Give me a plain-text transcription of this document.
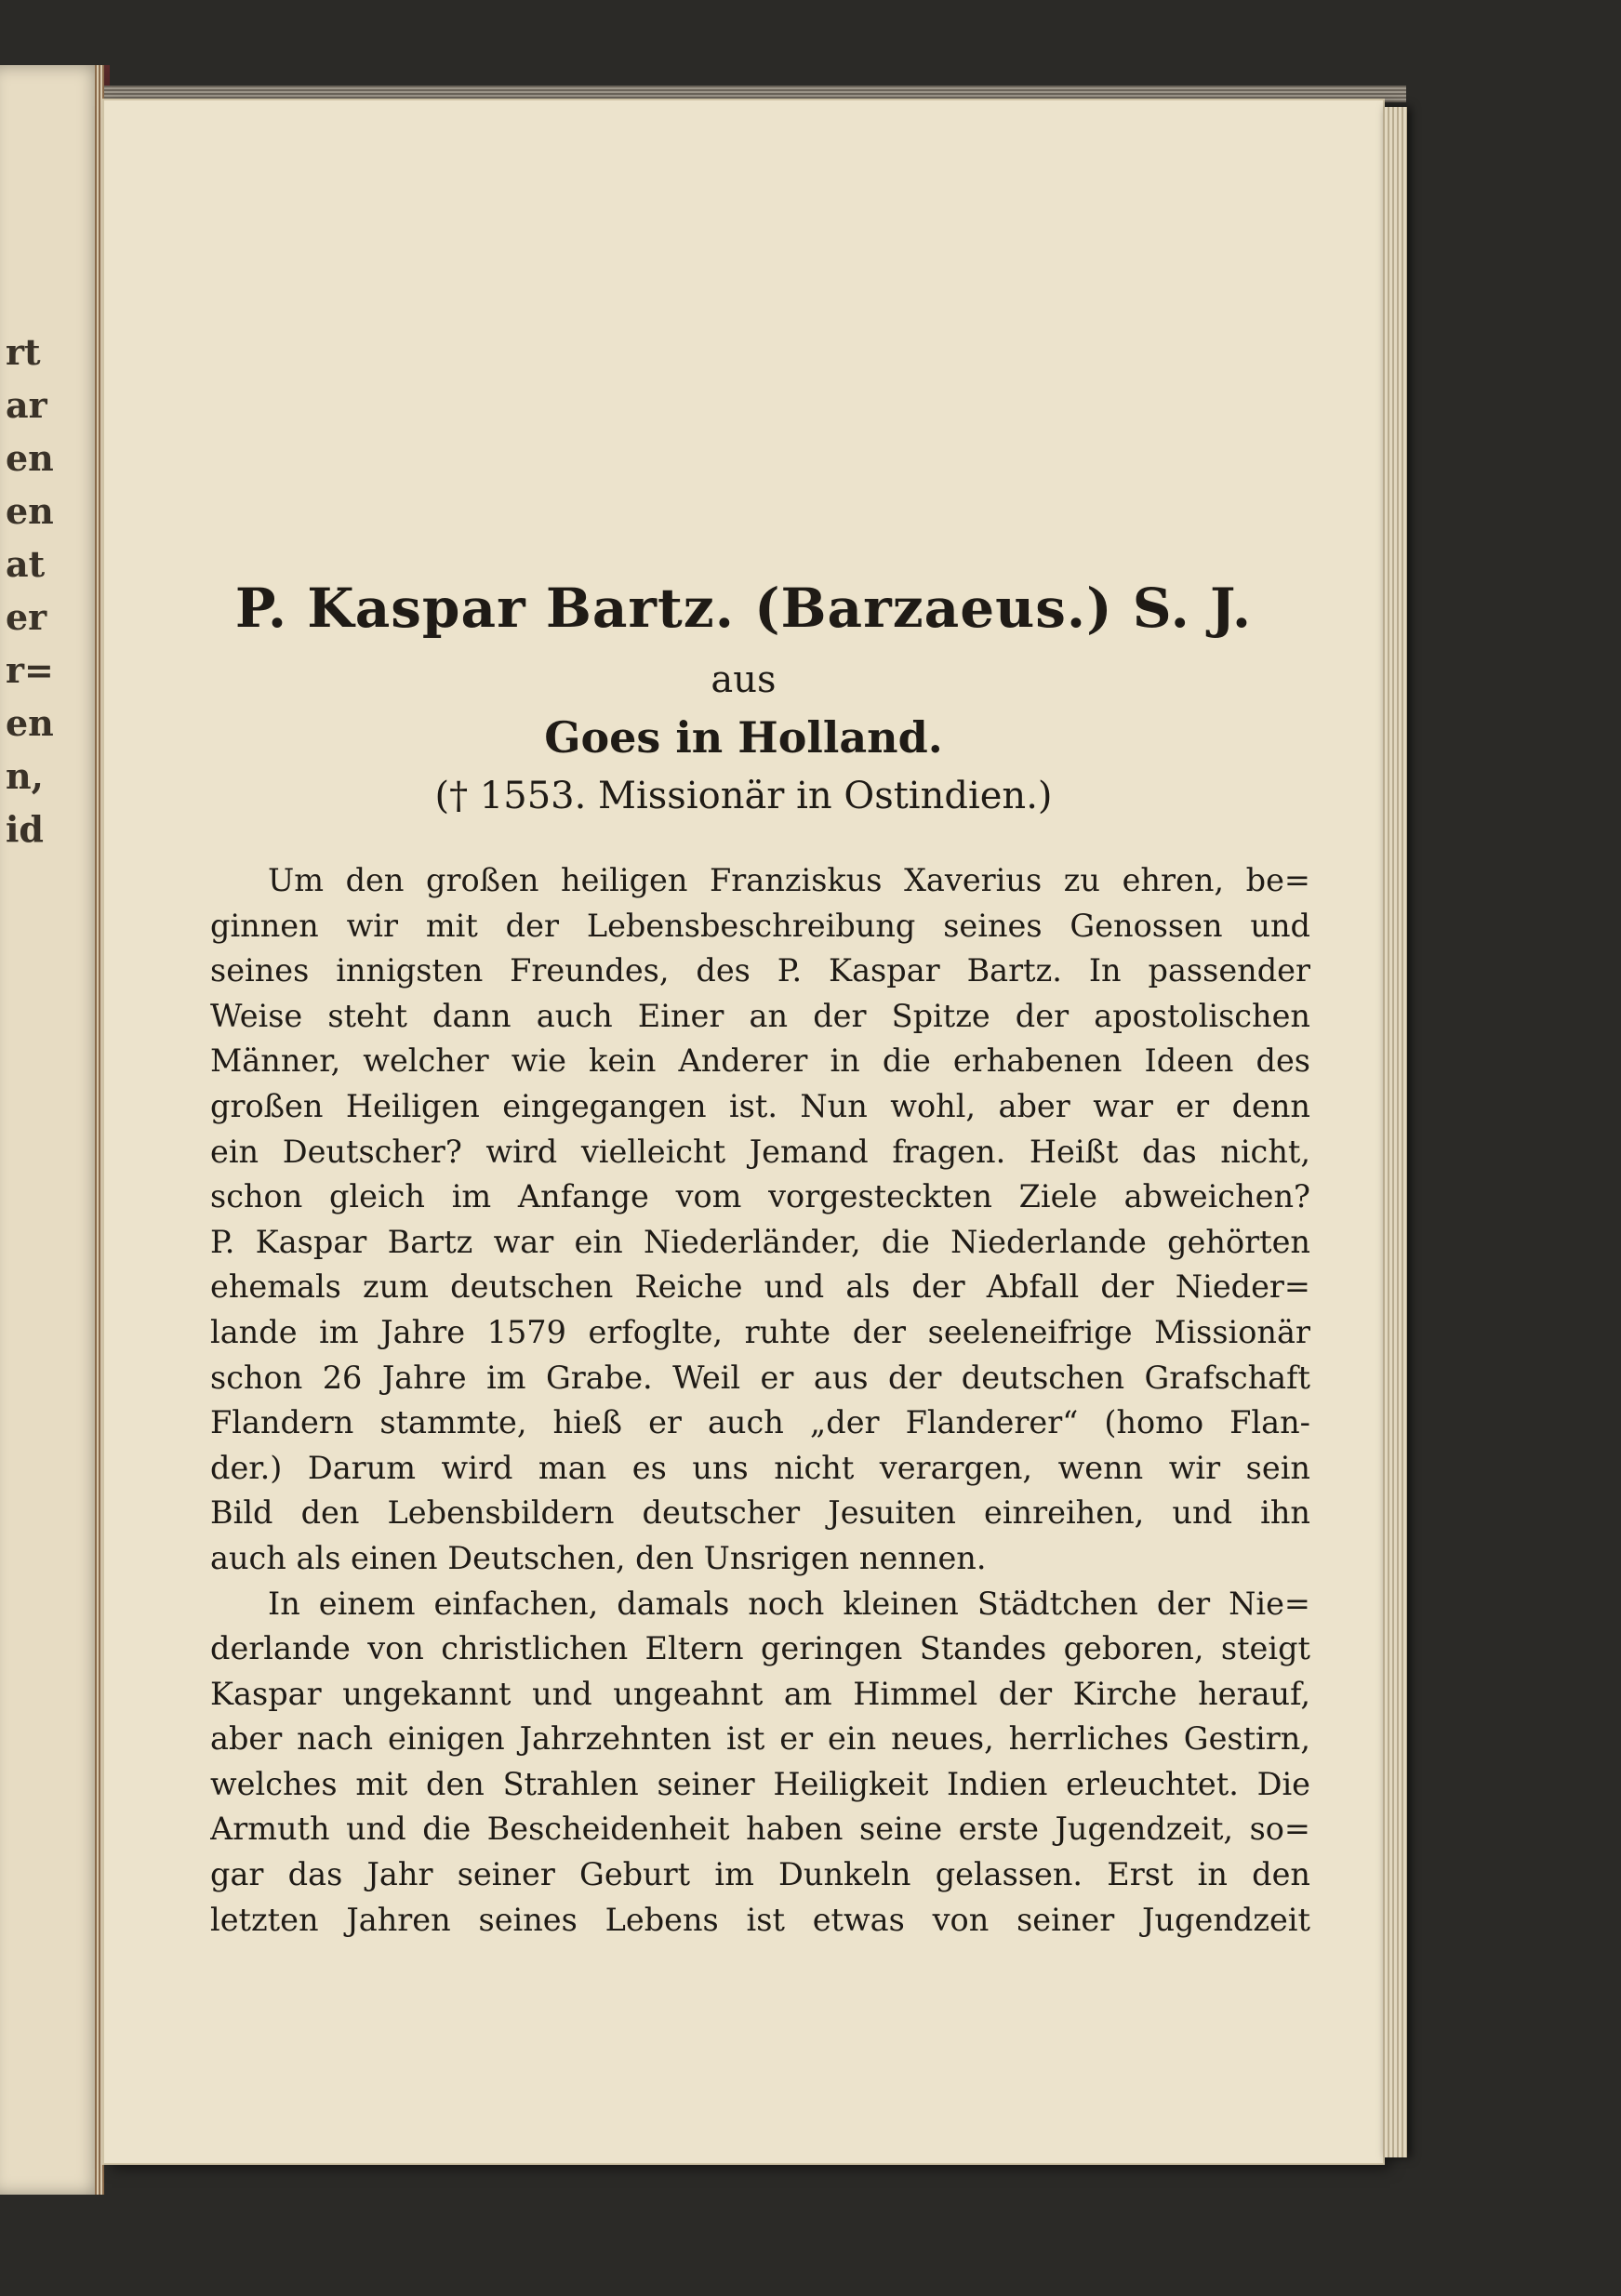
rt
ar
en
en
at
er
r=
en
n,
id
P. Kaspar Bartz. (Barzaeus.) S. J.
aus
Goes in Holland.
(† 1553. Missionär in Ostindien.)
Um den großen heiligen Franziskus Xaverius zu ehren, be=
ginnen wir mit der Lebensbeschreibung seines Genossen und
seines innigsten Freundes, des P. Kaspar Bartz. In passender
Weise steht dann auch Einer an der Spitze der apostolischen
Männer, welcher wie kein Anderer in die erhabenen Ideen des
großen Heiligen eingegangen ist. Nun wohl, aber war er denn
ein Deutscher? wird vielleicht Jemand fragen. Heißt das nicht,
schon gleich im Anfange vom vorgesteckten Ziele abweichen?
P. Kaspar Bartz war ein Niederländer, die Niederlande gehörten
ehemals zum deutschen Reiche und als der Abfall der Nieder=
lande im Jahre 1579 erfoglte, ruhte der seeleneifrige Missionär
schon 26 Jahre im Grabe. Weil er aus der deutschen Grafschaft
Flandern stammte, hieß er auch „der Flanderer“ (homo Flan-
der.) Darum wird man es uns nicht verargen, wenn wir sein
Bild den Lebensbildern deutscher Jesuiten einreihen, und ihn
auch als einen Deutschen, den Unsrigen nennen.
In einem einfachen, damals noch kleinen Städtchen der Nie=
derlande von christlichen Eltern geringen Standes geboren, steigt
Kaspar ungekannt und ungeahnt am Himmel der Kirche herauf,
aber nach einigen Jahrzehnten ist er ein neues, herrliches Gestirn,
welches mit den Strahlen seiner Heiligkeit Indien erleuchtet. Die
Armuth und die Bescheidenheit haben seine erste Jugendzeit, so=
gar das Jahr seiner Geburt im Dunkeln gelassen. Erst in den
letzten Jahren seines Lebens ist etwas von seiner Jugendzeit
